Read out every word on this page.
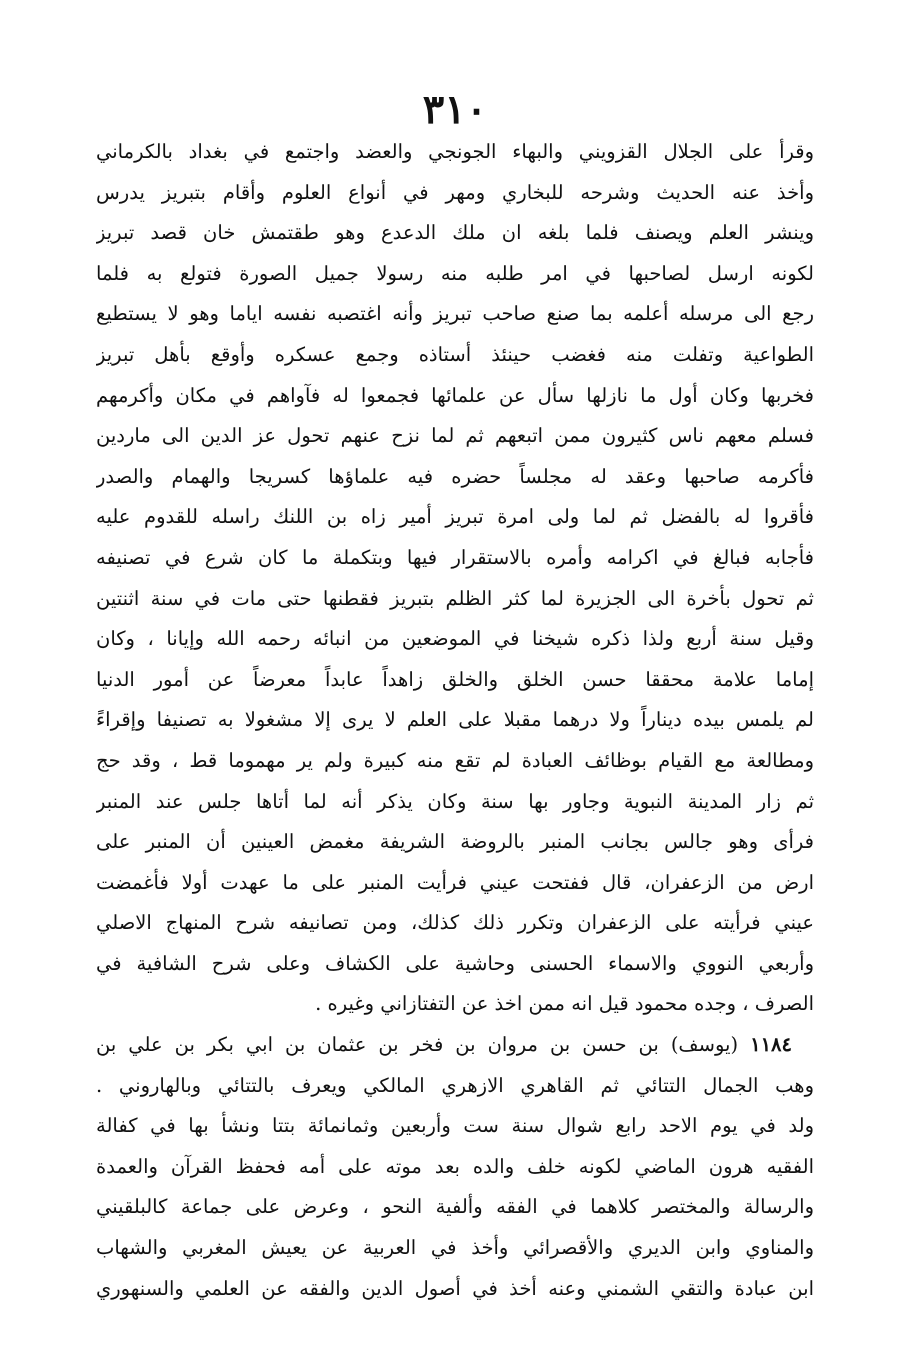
٣١٠
وقرأ على الجلال القزويني والبهاء الجونجي والعضد واجتمع في بغداد بالكرماني
وأخذ عنه الحديث وشرحه للبخاري ومهر في أنواع العلوم وأقام بتبريز يدرس
وينشر العلم ويصنف فلما بلغه ان ملك الدعدع وهو طقتمش خان قصد تبريز
لكونه ارسل لصاحبها في امر طلبه منه رسولا جميل الصورة فتولع به فلما
رجع الى مرسله أعلمه بما صنع صاحب تبريز وأنه اغتصبه نفسه اياما وهو لا يستطيع
الطواعية وتفلت منه فغضب حينئذ أستاذه وجمع عسكره وأوقع بأهل تبريز
فخربها وكان أول ما نازلها سأل عن علمائها فجمعوا له فآواهم في مكان وأكرمهم
فسلم معهم ناس كثيرون ممن اتبعهم ثم لما نزح عنهم تحول عز الدين الى ماردين
فأكرمه صاحبها وعقد له مجلساً حضره فيه علماؤها كسريجا والهمام والصدر
فأقروا له بالفضل ثم لما ولى امرة تبريز أمير زاه بن اللنك راسله للقدوم عليه
فأجابه فبالغ في اكرامه وأمره بالاستقرار فيها وبتكملة ما كان شرع في تصنيفه
ثم تحول بأخرة الى الجزيرة لما كثر الظلم بتبريز فقطنها حتى مات في سنة اثنتين
وقيل سنة أربع ولذا ذكره شيخنا في الموضعين من انبائه رحمه الله وإيانا ، وكان
إماما علامة محققا حسن الخلق والخلق زاهداً عابداً معرضاً عن أمور الدنيا
لم يلمس بيده ديناراً ولا درهما مقبلا على العلم لا يرى إلا مشغولا به تصنيفا وإقراءً
ومطالعة مع القيام بوظائف العبادة لم تقع منه كبيرة ولم ير مهموما قط ، وقد حج
ثم زار المدينة النبوية وجاور بها سنة وكان يذكر أنه لما أتاها جلس عند المنبر
فرأى وهو جالس بجانب المنبر بالروضة الشريفة مغمض العينين أن المنبر على
ارض من الزعفران، قال ففتحت عيني فرأيت المنبر على ما عهدت أولا فأغمضت
عيني فرأيته على الزعفران وتكرر ذلك كذلك، ومن تصانيفه شرح المنهاج الاصلي
وأربعي النووي والاسماء الحسنى وحاشية على الكشاف وعلى شرح الشافية في
الصرف ، وجده محمود قيل انه ممن اخذ عن التفتازاني وغيره .
١١٨٤ (يوسف) بن حسن بن مروان بن فخر بن عثمان بن ابي بكر بن علي بن
وهب الجمال التتائي ثم القاهري الازهري المالكي ويعرف بالتتائي وبالهاروني .
ولد في يوم الاحد رابع شوال سنة ست وأربعين وثمانمائة بتتا ونشأ بها في كفالة
الفقيه هرون الماضي لكونه خلف والده بعد موته على أمه فحفظ القرآن والعمدة
والرسالة والمختصر كلاهما في الفقه وألفية النحو ، وعرض على جماعة كالبلقيني
والمناوي وابن الديري والأقصرائي وأخذ في العربية عن يعيش المغربي والشهاب
ابن عبادة والتقي الشمني وعنه أخذ في أصول الدين والفقه عن العلمي والسنهوري
